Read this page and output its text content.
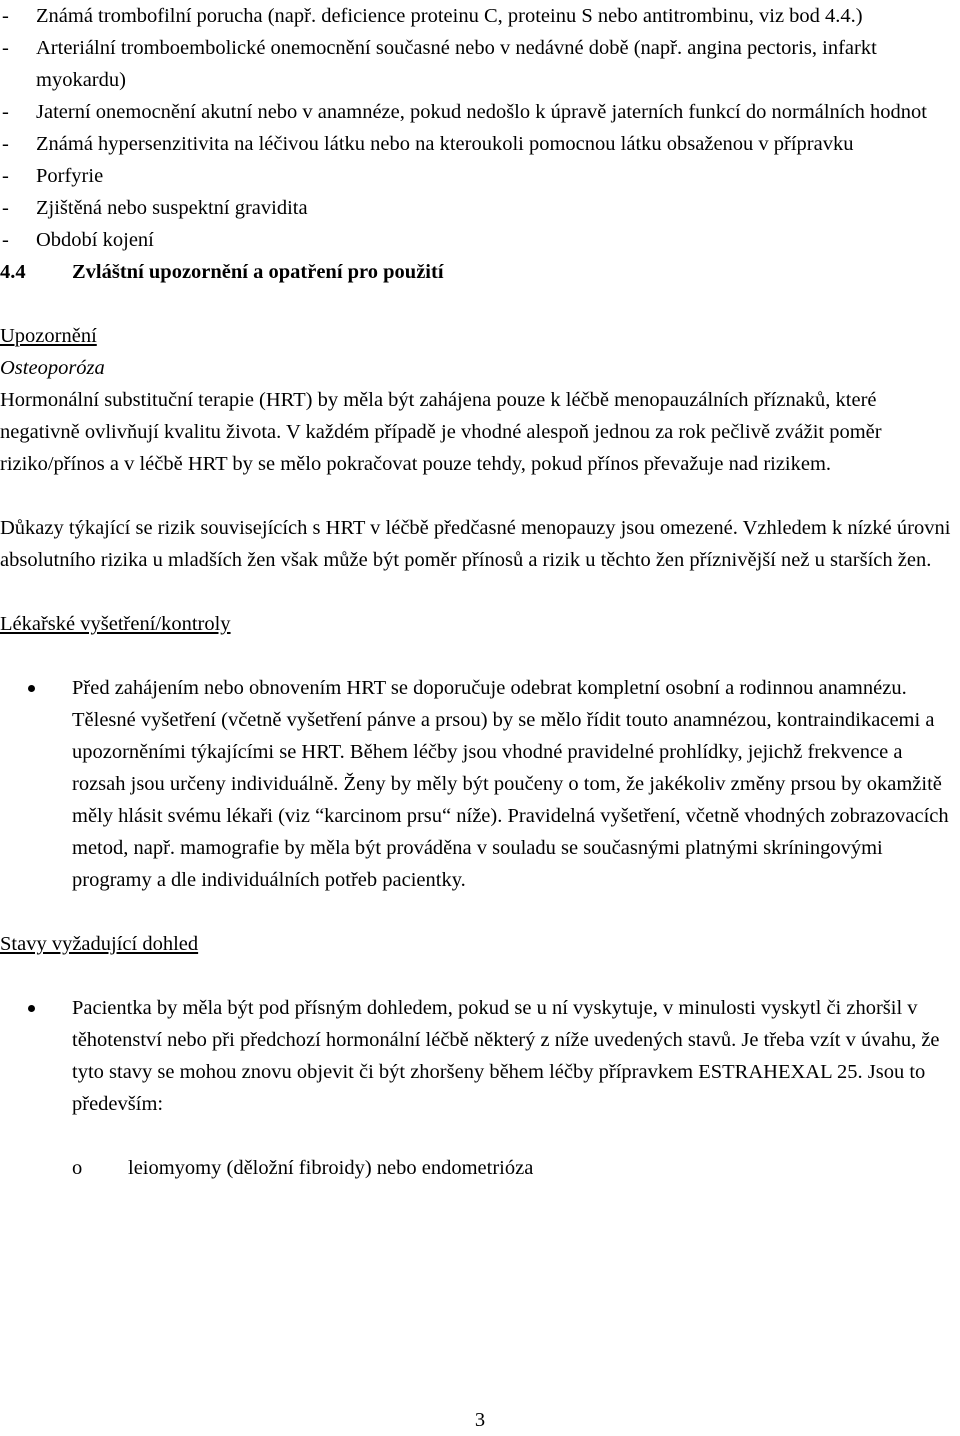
-	Známá trombofilní porucha (např. deficience proteinu C, proteinu S nebo antitrombinu, viz bod 4.4.)
-	Arteriální tromboembolické onemocnění současné nebo v nedávné době (např. angina pectoris, infarkt myokardu)
-	Jaterní onemocnění akutní nebo v anamnéze, pokud nedošlo k úpravě jaterních funkcí do normálních hodnot
-	Známá hypersenzitivita na léčivou látku nebo na kteroukoli pomocnou látku obsaženou v přípravku
-	Porfyrie
-	Zjištěná nebo suspektní gravidita
-	Období kojení

4.4 Zvláštní upozornění a opatření pro použití

Upozornění

Osteoporóza

Hormonální substituční terapie (HRT) by měla být zahájena pouze k léčbě menopauzálních příznaků, které negativně ovlivňují kvalitu života. V každém případě je vhodné alespoň jednou za rok pečlivě zvážit poměr riziko/přínos a v léčbě HRT by se mělo pokračovat pouze tehdy, pokud přínos převažuje nad rizikem.

Důkazy týkající se rizik souvisejících s HRT v léčbě předčasné menopauzy jsou omezené. Vzhledem k nízké úrovni absolutního rizika u mladších žen však může být poměr přínosů a rizik u těchto žen příznivější než u starších žen.

Lékařské vyšetření/kontroly

Před zahájením nebo obnovením HRT se doporučuje odebrat kompletní osobní a rodinnou anamnézu. Tělesné vyšetření (včetně vyšetření pánve a prsou) by se mělo řídit touto anamnézou, kontraindikacemi a upozorněními týkajícími se HRT. Během léčby jsou vhodné pravidelné prohlídky, jejichž frekvence a rozsah jsou určeny individuálně. Ženy by měly být poučeny o tom, že jakékoliv změny prsou by okamžitě měly hlásit svému lékaři (viz “karcinom prsu“ níže). Pravidelná vyšetření, včetně vhodných zobrazovacích metod, např. mamografie by měla být prováděna v souladu se současnými platnými skríningovými programy a dle individuálních potřeb pacientky.

Stavy vyžadující dohled

Pacientka by měla být pod přísným dohledem, pokud se u ní vyskytuje, v minulosti vyskytl či zhoršil v těhotenství nebo při předchozí hormonální léčbě některý z níže uvedených stavů. Je třeba vzít v úvahu, že tyto stavy se mohou znovu objevit či být zhoršeny během léčby přípravkem ESTRAHEXAL 25. Jsou to především:
o	leiomyomy (děložní fibroidy) nebo endometrióza
3
